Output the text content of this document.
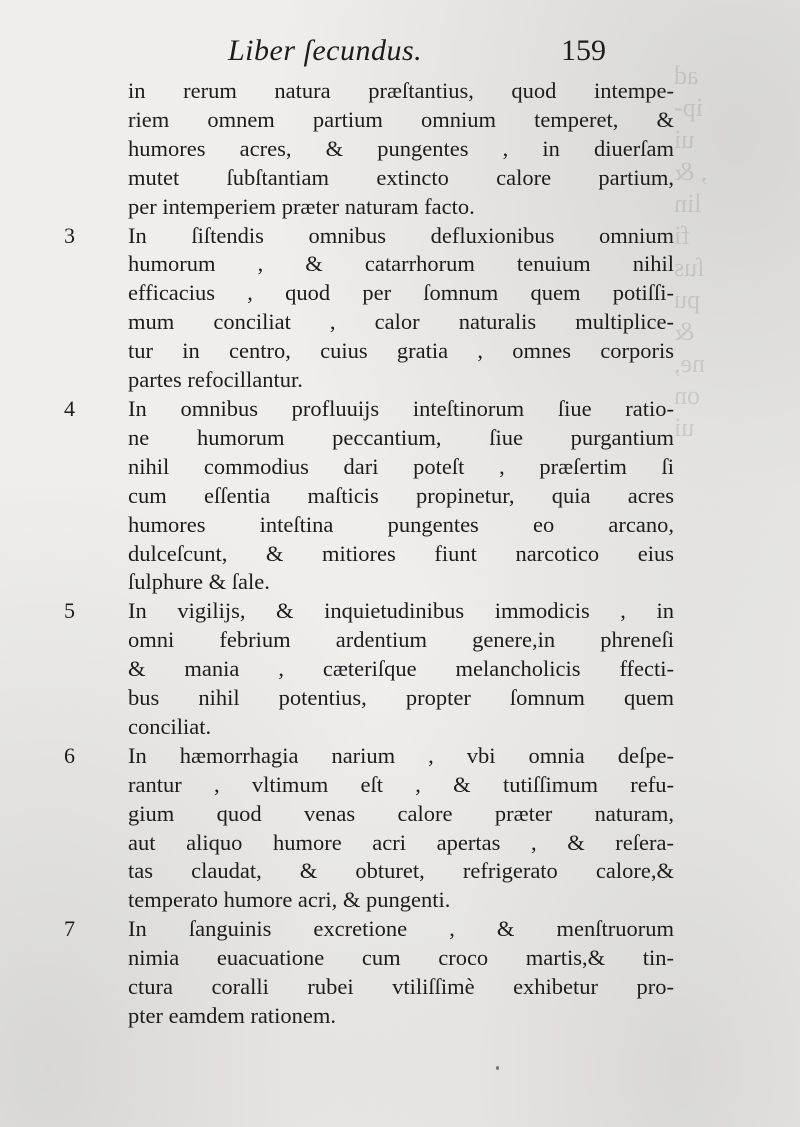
ad
ip-
ui
, &
lin
fi
ſus
pu
&
ne,
on
ui
Liber ſecundus.	159
in rerum natura præſtantius, quod intempe-
riem omnem partium omnium temperet, &
humores acres, & pungentes , in diuerſam
mutet ſubſtantiam extincto calore partium,
per intemperiem præter naturam facto.
3 In ſiſtendis omnibus defluxionibus omnium
humorum , & catarrhorum tenuium nihil
efficacius , quod per ſomnum quem potiſſi-
mum conciliat , calor naturalis multiplice-
tur in centro, cuius gratia , omnes corporis
partes refocillantur.
4 In omnibus profluuijs inteſtinorum ſiue ratio-
ne humorum peccantium, ſiue purgantium
nihil commodius dari poteſt , præſertim ſi
cum eſſentia maſticis propinetur, quia acres
humores inteſtina pungentes eo arcano,
dulceſcunt, & mitiores fiunt narcotico eius
ſulphure & ſale.
5 In vigilijs, & inquietudinibus immodicis , in
omni febrium ardentium genere,in phreneſi
& mania , cæteriſque melancholicis ffecti-
bus nihil potentius, propter ſomnum quem
conciliat.
6 In hæmorrhagia narium , vbi omnia deſpe-
rantur , vltimum eſt , & tutiſſimum refu-
gium quod venas calore præter naturam,
aut aliquo humore acri apertas , & reſera-
tas claudat, & obturet, refrigerato calore,&
temperato humore acri, & pungenti.
7 In ſanguinis excretione , & menſtruorum
nimia euacuatione cum croco martis,& tin-
ctura coralli rubei vtiliſſimè exhibetur pro-
pter eamdem rationem.
